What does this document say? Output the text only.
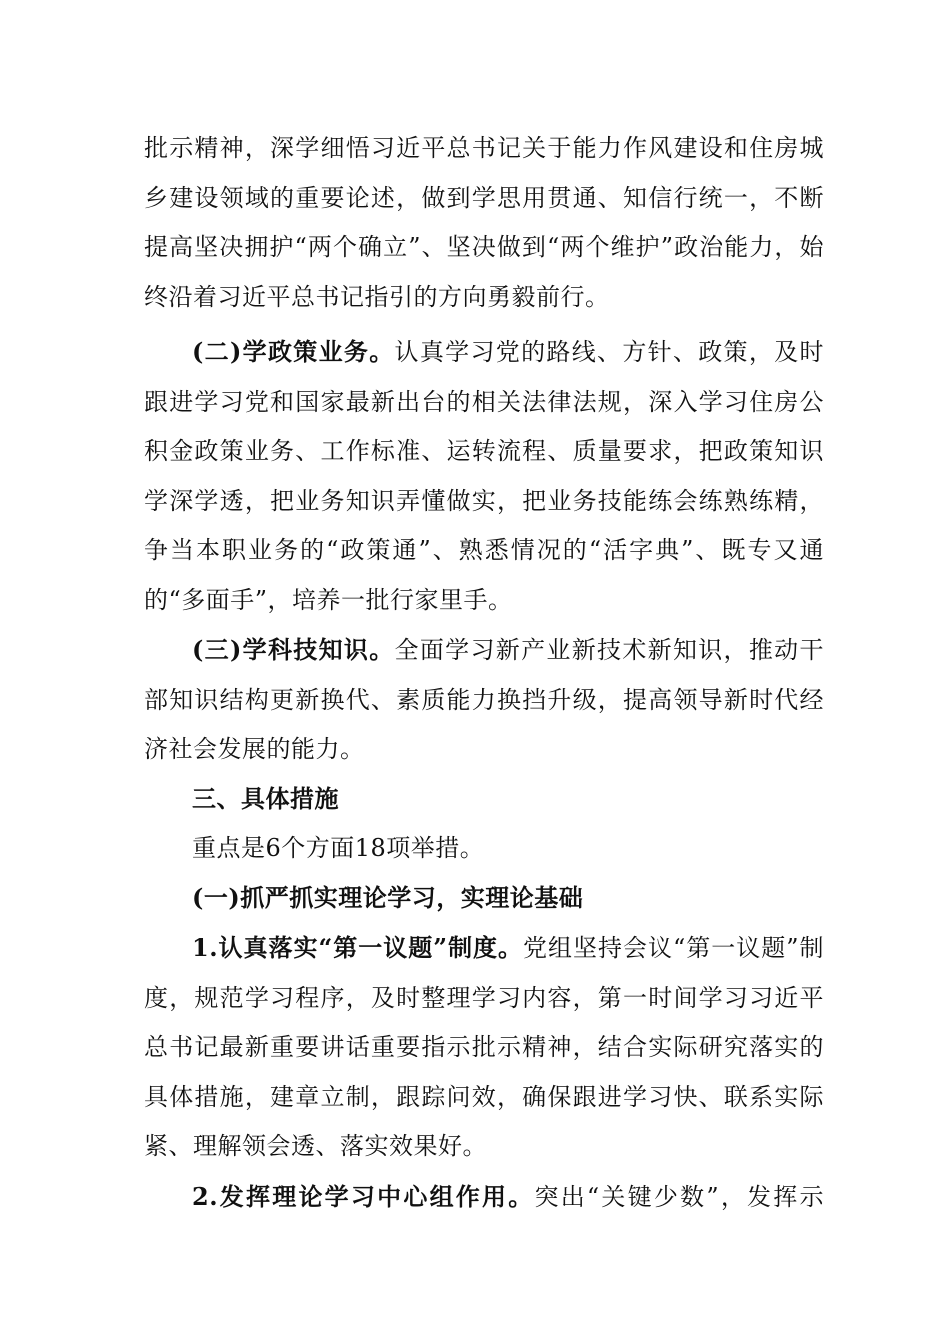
批示精神，深学细悟习近平总书记关于能力作风建设和住房城乡建设领域的重要论述，做到学思用贯通、知信行统一，不断提高坚决拥护“两个确立”、坚决做到“两个维护”政治能力，始终沿着习近平总书记指引的方向勇毅前行。

(二)学政策业务。认真学习党的路线、方针、政策，及时跟进学习党和国家最新出台的相关法律法规，深入学习住房公积金政策业务、工作标准、运转流程、质量要求，把政策知识学深学透，把业务知识弄懂做实，把业务技能练会练熟练精，争当本职业务的“政策通”、熟悉情况的“活字典”、既专又通的“多面手”，培养一批行家里手。

(三)学科技知识。全面学习新产业新技术新知识，推动干部知识结构更新换代、素质能力换挡升级，提高领导新时代经济社会发展的能力。

三、具体措施

重点是6个方面18项举措。

(一)抓严抓实理论学习，实理论基础

1.认真落实“第一议题”制度。党组坚持会议“第一议题”制度，规范学习程序，及时整理学习内容，第一时间学习习近平总书记最新重要讲话重要指示批示精神，结合实际研究落实的具体措施，建章立制，跟踪问效，确保跟进学习快、联系实际紧、理解领会透、落实效果好。

2.发挥理论学习中心组作用。突出“关键少数”，发挥示
